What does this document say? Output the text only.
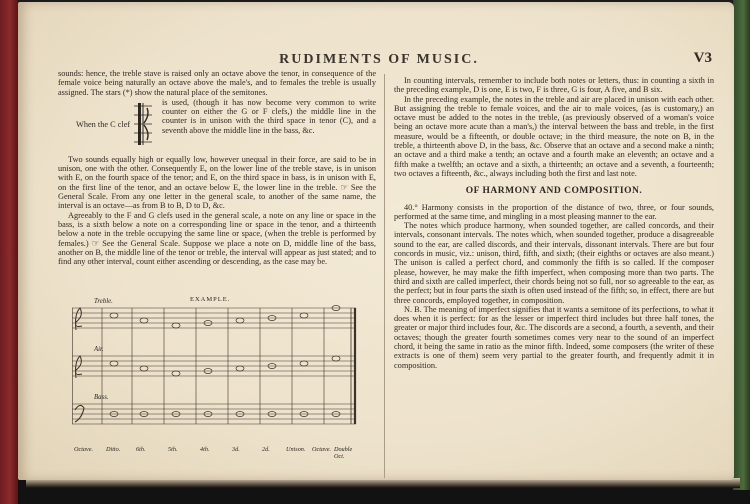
RUDIMENTS OF MUSIC.	V3

sounds: hence, the treble stave is raised only an octave above the tenor, in consequence of the female voice being naturally an octave above the male's, and to females the treble is usually assigned. The stars (*) show the natural place of the semitones.

When the C clef

is used, (though it has now become very common to write counter on either the G or F clefs,) the middle line in the counter is in unison with the third space in tenor (C), and a seventh above the middle line in the bass, &c.

Two sounds equally high or equally low, however unequal in their force, are said to be in unison, one with the other. Consequently E, on the lower line of the treble stave, is in unison with E, on the fourth space of the tenor; and E, on the third space in bass, is in unison with E, on the first line of the tenor, and an octave below E, the lower line in the treble. ☞ See the General Scale. From any one letter in the general scale, to another of the same name, the interval is an octave—as from B to B, D to D, &c.

Agreeably to the F and G clefs used in the general scale, a note on any line or space in the bass, is a sixth below a note on a corresponding line or space in the tenor, and a thirteenth below a note in the treble occupying the same line or space, (when the treble is performed by females.) ☞ See the General Scale. Suppose we place a note on D, middle line of the bass, another on B, the middle line of the tenor or treble, the interval will appear as just stated; and to find any other interval, count either ascending or descending, as the case may be.

EXAMPLE.
Treble.
Air.
Bass.
Octave. Ditto.	6th.	5th.	4th.	3d.	2d.	Unison. Octave. Double Oct.

In counting intervals, remember to include both notes or letters, thus: in counting a sixth in the preceding example, D is one, E is two, F is three, G is four, A five, and B six.

In the preceding example, the notes in the treble and air are placed in unison with each other. But assigning the treble to female voices, and the air to male voices, (as is customary,) an octave must be added to the notes in the treble, (as previously observed of a woman's voice being an octave more acute than a man's,) the interval between the bass and treble, in the first measure, would be a fifteenth, or double octave; in the third measure, the note on B, in the treble, a thirteenth above D, in the bass, &c. Observe that an octave and a second make a ninth; an octave and a third make a tenth; an octave and a fourth make an eleventh; an octave and a fifth make a twelfth; an octave and a sixth, a thirteenth; an octave and a seventh, a fourteenth; two octaves a fifteenth, &c., always including both the first and last note.

OF HARMONY AND COMPOSITION.

40.° Harmony consists in the proportion of the distance of two, three, or four sounds, performed at the same time, and mingling in a most pleasing manner to the ear.

The notes which produce harmony, when sounded together, are called concords, and their intervals, consonant intervals. The notes which, when sounded together, produce a disagreeable sound to the ear, are called discords, and their intervals, dissonant intervals. There are but four concords in music, viz.: unison, third, fifth, and sixth; (their eighths or octaves are also meant.) The unison is called a perfect chord, and commonly the fifth is so called. If the composer please, however, he may make the fifth imperfect, when composing more than two parts. The third and sixth are called imperfect, their chords being not so full, nor so agreeable to the ear, as the perfect; but in four parts the sixth is often used instead of the fifth; so, in effect, there are but three concords, employed together, in composition.

N. B. The meaning of imperfect signifies that it wants a semitone of its perfections, to what it does when it is perfect: for as the lesser or imperfect third includes but three half tones, the greater or major third includes four, &c. The discords are a second, a fourth, a seventh, and their octaves; though the greater fourth sometimes comes very near to the sound of an imperfect chord, it being the same in ratio as the minor fifth. Indeed, some composers (the writer of these extracts is one of them) seem very partial to the greater fourth, and frequently admit it in composition.
